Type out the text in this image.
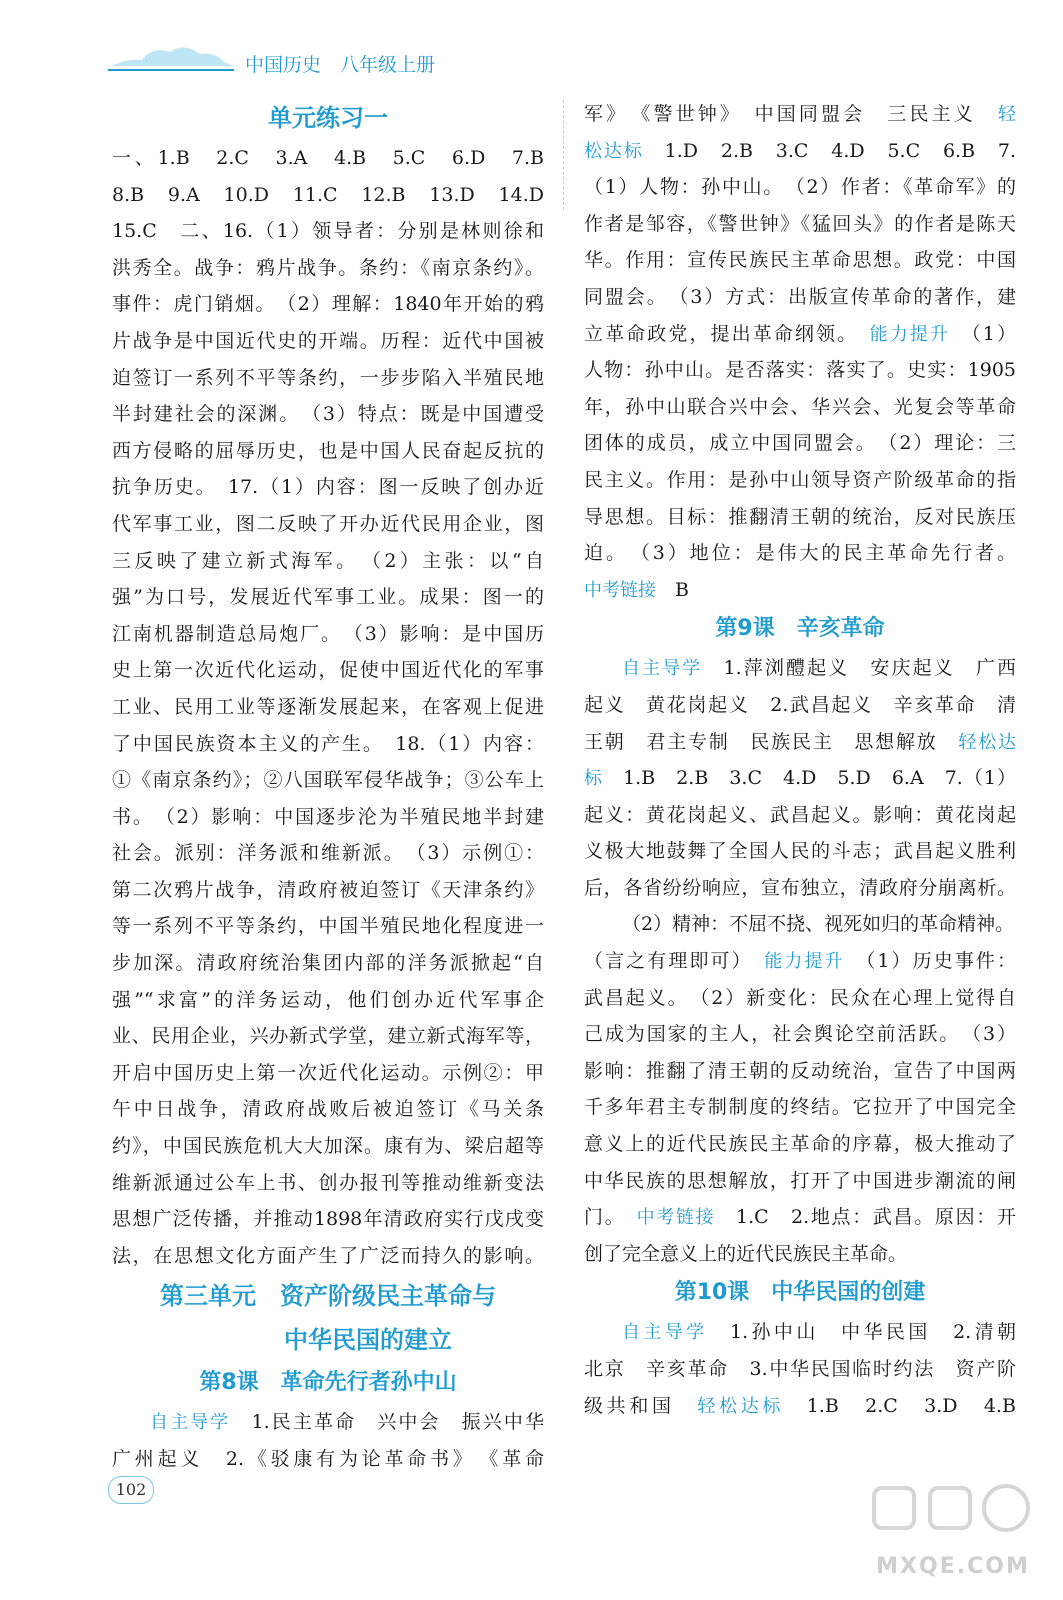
中国历史 八年级上册
单元练习一
一、1.B　2.C　3.A　4.B　5.C　6.D　7.B
8.B　9.A　10.D　11.C　12.B　13.D　14.D
15.C　二、16.（1）领导者：分别是林则徐和
洪秀全。战争：鸦片战争。条约：《南京条约》。
事件：虎门销烟。　（2）理解：1840年开始的鸦
片战争是中国近代史的开端。历程：近代中国被
迫签订一系列不平等条约，一步步陷入半殖民地
半封建社会的深渊。　（3）特点：既是中国遭受
西方侵略的屈辱历史，也是中国人民奋起反抗的
抗争历史。　17.（1）内容：图一反映了创办近
代军事工业，图二反映了开办近代民用企业，图
三反映了建立新式海军。　（2）主张：以“自
强”为口号，发展近代军事工业。成果：图一的
江南机器制造总局炮厂。　（3）影响：是中国历
史上第一次近代化运动，促使中国近代化的军事
工业、民用工业等逐渐发展起来，在客观上促进
了中国民族资本主义的产生。　18.（1）内容：
①《南京条约》；②八国联军侵华战争；③公车上
书。　（2）影响：中国逐步沦为半殖民地半封建
社会。派别：洋务派和维新派。　（3）示例①：
第二次鸦片战争，清政府被迫签订《天津条约》
等一系列不平等条约，中国半殖民地化程度进一
步加深。清政府统治集团内部的洋务派掀起“自
强”“求富”的洋务运动，他们创办近代军事企
业、民用企业，兴办新式学堂，建立新式海军等，
开启中国历史上第一次近代化运动。示例②：甲
午中日战争，清政府战败后被迫签订《马关条
约》，中国民族危机大大加深。康有为、梁启超等
维新派通过公车上书、创办报刊等推动维新变法
思想广泛传播，并推动1898年清政府实行戊戌变
法，在思想文化方面产生了广泛而持久的影响。
第三单元　资产阶级民主革命与
中华民国的建立
第8课　革命先行者孙中山
自主导学　 1.民主革命　兴中会　振兴中华
广州起义　2.《驳康有为论革命书》　《革命
军》　《警世钟》　中国同盟会　三民主义　 轻
松达标　 1.D　2.B　3.C　4.D　5.C　6.B　7.
（1）人物：孙中山。　（2）作者：《革命军》的
作者是邹容，《警世钟》《猛回头》的作者是陈天
华。作用：宣传民族民主革命思想。政党：中国
同盟会。　（3）方式：出版宣传革命的著作，建
立革命政党，提出革命纲领。　 能力提升　 （1）
人物：孙中山。是否落实：落实了。史实：1905
年，孙中山联合兴中会、华兴会、光复会等革命
团体的成员，成立中国同盟会。　（2）理论：三
民主义。作用：是孙中山领导资产阶级革命的指
导思想。目标：推翻清王朝的统治，反对民族压
迫。　（3）地位：是伟大的民主革命先行者。
中考链接　 B
第9课　辛亥革命
自主导学　 1.萍浏醴起义　安庆起义　广西
起义　黄花岗起义　2.武昌起义　辛亥革命　清
王朝　君主专制　民族民主　思想解放　 轻松达
标　 1.B　2.B　3.C　4.D　5.D　6.A　7.（1）
起义：黄花岗起义、武昌起义。影响：黄花岗起
义极大地鼓舞了全国人民的斗志；武昌起义胜利
后，各省纷纷响应，宣布独立，清政府分崩离析。
（2）精神：不屈不挠、视死如归的革命精神。
（言之有理即可）　 能力提升　 （1）历史事件：
武昌起义。　（2）新变化：民众在心理上觉得自
己成为国家的主人，社会舆论空前活跃。　（3）
影响：推翻了清王朝的反动统治，宣告了中国两
千多年君主专制制度的终结。它拉开了中国完全
意义上的近代民族民主革命的序幕，极大推动了
中华民族的思想解放，打开了中国进步潮流的闸
门。　 中考链接　 1.C　2.地点：武昌。原因：开
创了完全意义上的近代民族民主革命。
第10课　中华民国的创建
自主导学　 1.孙中山　中华民国　2.清朝
北京　辛亥革命　3.中华民国临时约法　资产阶
级共和国　 轻松达标　 1.B　2.C　3.D　4.B
102
MXQE.COM
